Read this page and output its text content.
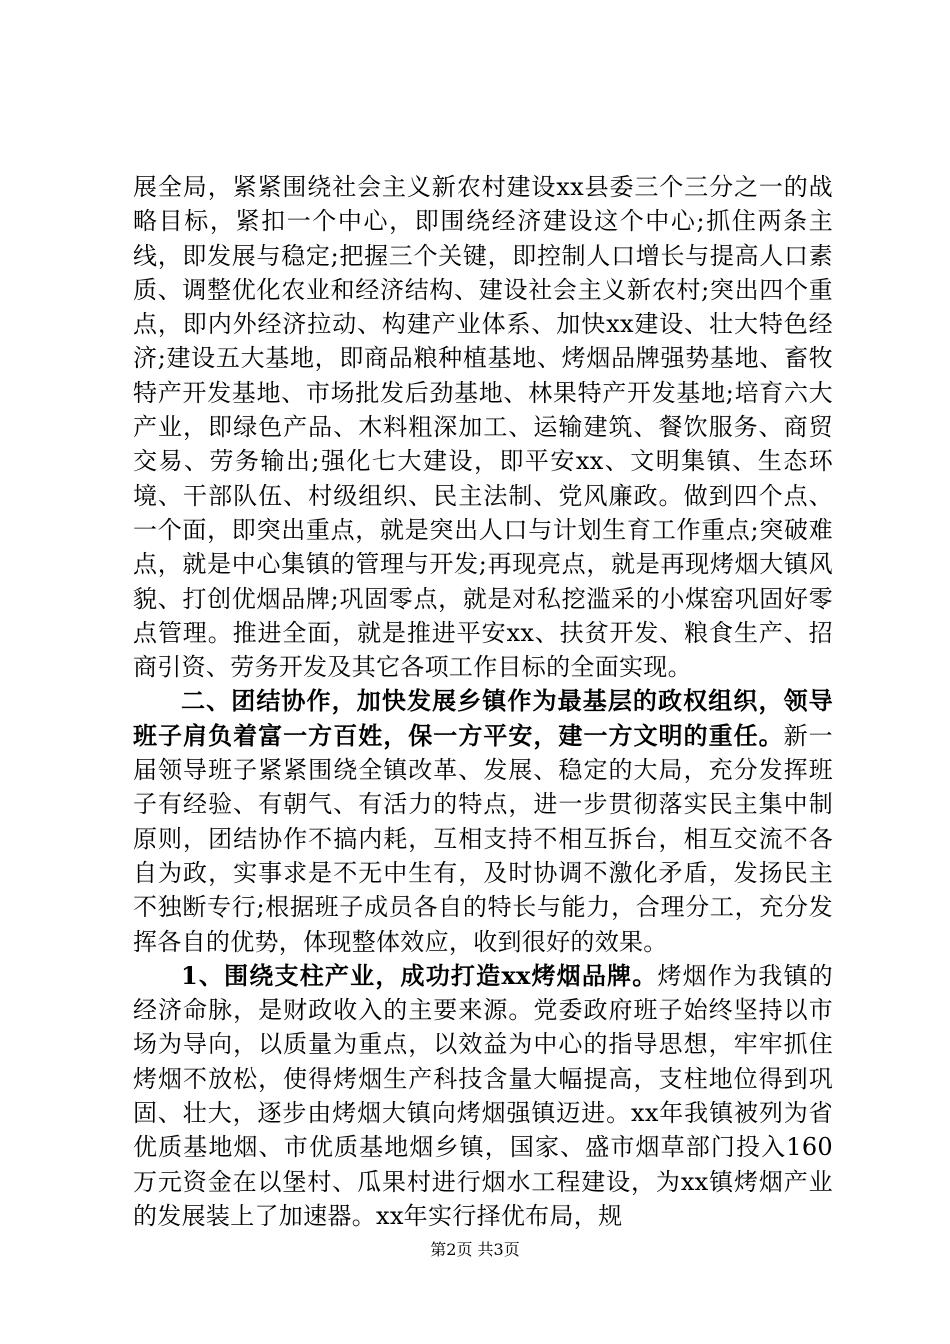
展全局，紧紧围绕社会主义新农村建设xx县委三个三分之一的战略目标，紧扣一个中心，即围绕经济建设这个中心;抓住两条主线，即发展与稳定;把握三个关键，即控制人口增长与提高人口素质、调整优化农业和经济结构、建设社会主义新农村;突出四个重点，即内外经济拉动、构建产业体系、加快xx建设、壮大特色经济;建设五大基地，即商品粮种植基地、烤烟品牌强势基地、畜牧特产开发基地、市场批发后劲基地、林果特产开发基地;培育六大产业，即绿色产品、木料粗深加工、运输建筑、餐饮服务、商贸交易、劳务输出;强化七大建设，即平安xx、文明集镇、生态环境、干部队伍、村级组织、民主法制、党风廉政。做到四个点、一个面，即突出重点，就是突出人口与计划生育工作重点;突破难点，就是中心集镇的管理与开发;再现亮点，就是再现烤烟大镇风貌、打创优烟品牌;巩固零点，就是对私挖滥采的小煤窑巩固好零点管理。推进全面，就是推进平安xx、扶贫开发、粮食生产、招商引资、劳务开发及其它各项工作目标的全面实现。

二、团结协作，加快发展乡镇作为最基层的政权组织，领导班子肩负着富一方百姓，保一方平安，建一方文明的重任。新一届领导班子紧紧围绕全镇改革、发展、稳定的大局，充分发挥班子有经验、有朝气、有活力的特点，进一步贯彻落实民主集中制原则，团结协作不搞内耗，互相支持不相互拆台，相互交流不各自为政，实事求是不无中生有，及时协调不激化矛盾，发扬民主不独断专行;根据班子成员各自的特长与能力，合理分工，充分发挥各自的优势，体现整体效应，收到很好的效果。

1、围绕支柱产业，成功打造xx烤烟品牌。烤烟作为我镇的经济命脉，是财政收入的主要来源。党委政府班子始终坚持以市场为导向，以质量为重点，以效益为中心的指导思想，牢牢抓住烤烟不放松，使得烤烟生产科技含量大幅提高，支柱地位得到巩固、壮大，逐步由烤烟大镇向烤烟强镇迈进。xx年我镇被列为省优质基地烟、市优质基地烟乡镇，国家、盛市烟草部门投入160万元资金在以堡村、瓜果村进行烟水工程建设，为xx镇烤烟产业的发展装上了加速器。xx年实行择优布局，规

第2页 共3页
